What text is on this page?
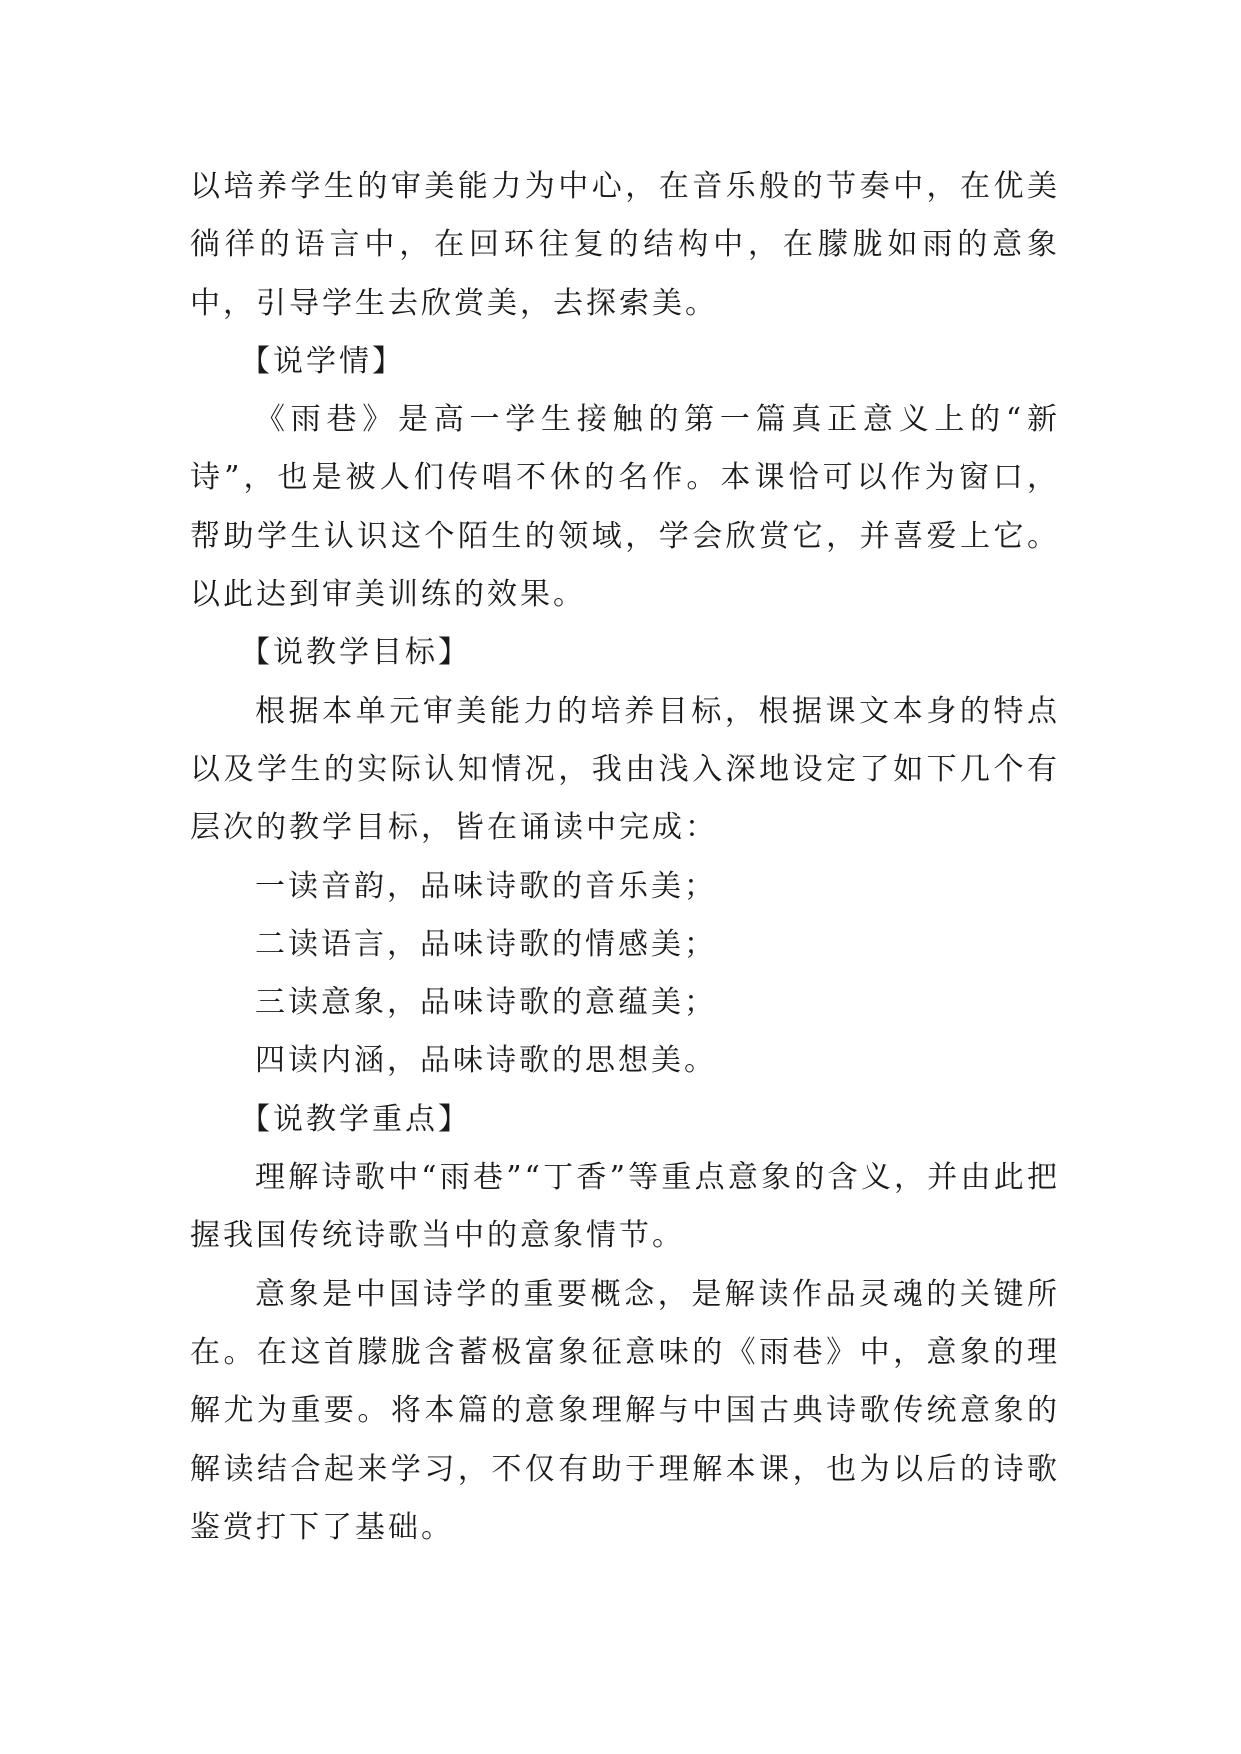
以培养学生的审美能力为中心，在音乐般的节奏中，在优美徜徉的语言中，在回环往复的结构中，在朦胧如雨的意象中，引导学生去欣赏美，去探索美。

【说学情】

《雨巷》是高一学生接触的第一篇真正意义上的“新诗”，也是被人们传唱不休的名作。本课恰可以作为窗口，帮助学生认识这个陌生的领域，学会欣赏它，并喜爱上它。以此达到审美训练的效果。

【说教学目标】

根据本单元审美能力的培养目标，根据课文本身的特点以及学生的实际认知情况，我由浅入深地设定了如下几个有层次的教学目标，皆在诵读中完成：

一读音韵，品味诗歌的音乐美；

二读语言，品味诗歌的情感美；

三读意象，品味诗歌的意蕴美；

四读内涵，品味诗歌的思想美。

【说教学重点】

理解诗歌中“雨巷”“丁香”等重点意象的含义，并由此把握我国传统诗歌当中的意象情节。

意象是中国诗学的重要概念，是解读作品灵魂的关键所在。在这首朦胧含蓄极富象征意味的《雨巷》中，意象的理解尤为重要。将本篇的意象理解与中国古典诗歌传统意象的解读结合起来学习，不仅有助于理解本课，也为以后的诗歌鉴赏打下了基础。
